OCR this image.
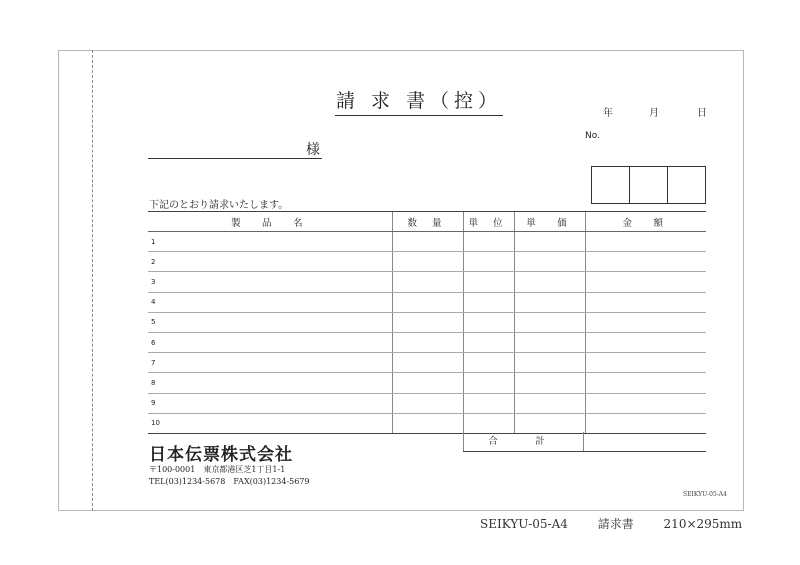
請 求 書（控）
年	月	日
No.
様
下記のとおり請求いたします。
製　品　名	数 量	単 位	単　価	金　額
1				
2				
3				
4				
5				
6				
7				
8				
9				
10				
合　計
日本伝票株式会社
〒100-0001　東京都港区芝1丁目1-1
TEL(03)1234-5678　FAX(03)1234-5679
SEIKYU-05-A4
SEIKYU-05-A4 請求書 210×295mm
